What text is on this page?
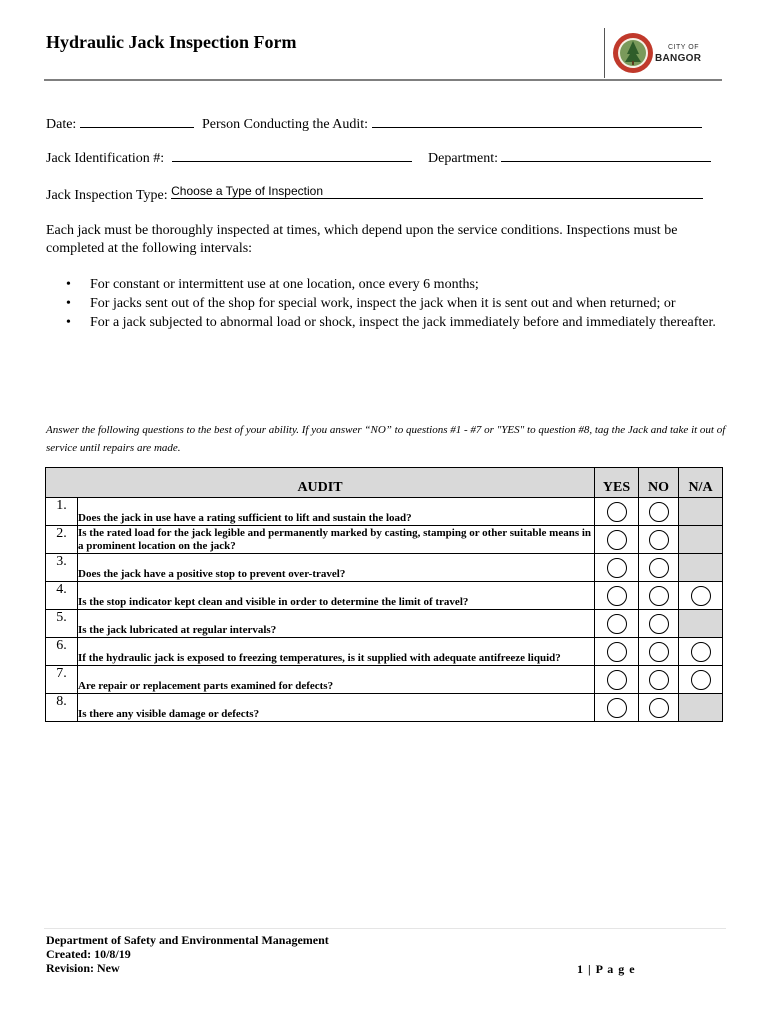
Hydraulic Jack Inspection Form	CITY OF
BANGOR
Date:	Person Conducting the Audit:
Jack Identification #:	Department:
Jack Inspection Type: Choose a Type of Inspection
Each jack must be thoroughly inspected at times, which depend upon the service conditions. Inspections must be completed at the following intervals:
• For constant or intermittent use at one location, once every 6 months;
• For jacks sent out of the shop for special work, inspect the jack when it is sent out and when returned; or
• For a jack subjected to abnormal load or shock, inspect the jack immediately before and immediately thereafter.
Answer the following questions to the best of your ability. If you answer “NO” to questions #1 - #7 or "YES" to question #8, tag the Jack and take it out of service until repairs are made.
AUDIT		YES	NO	N/A
1.	Does the jack in use have a rating sufficient to lift and sustain the load?			
2.	Is the rated load for the jack legible and permanently marked by casting, stamping or other suitable means in a prominent location on the jack?			
3.	Does the jack have a positive stop to prevent over-travel?			
4.	Is the stop indicator kept clean and visible in order to determine the limit of travel?			
5.	Is the jack lubricated at regular intervals?			
6.	If the hydraulic jack is exposed to freezing temperatures, is it supplied with adequate antifreeze liquid?			
7.	Are repair or replacement parts examined for defects?			
8.	Is there any visible damage or defects?			
Department of Safety and Environmental Management
Created: 10/8/19
Revision: New	1 | P a g e
